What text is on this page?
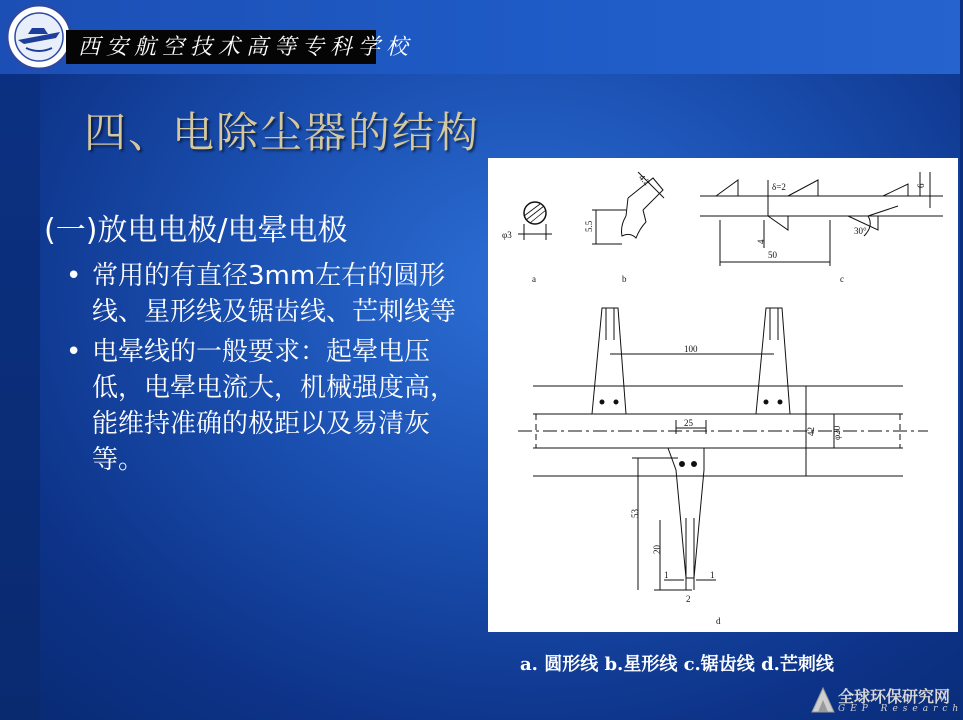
西安航空技术高等专科学校
四、电除尘器的结构
(一)放电电极/电晕电极
• 常用的有直径3mm左右的圆形线、星形线及锯齿线、芒刺线等
• 电晕线的一般要求：起晕电压低，电晕电流大，机械强度高，能维持准确的极距以及易清灰等。
φ3
a
4.2
5.5
b
δ=2	6
4
50
30°
c
100
25
42 φ20
53
20
1	1
2
d
a. 圆形线 b.星形线 c.锯齿线 d.芒刺线
全球环保研究网
GEP Research
